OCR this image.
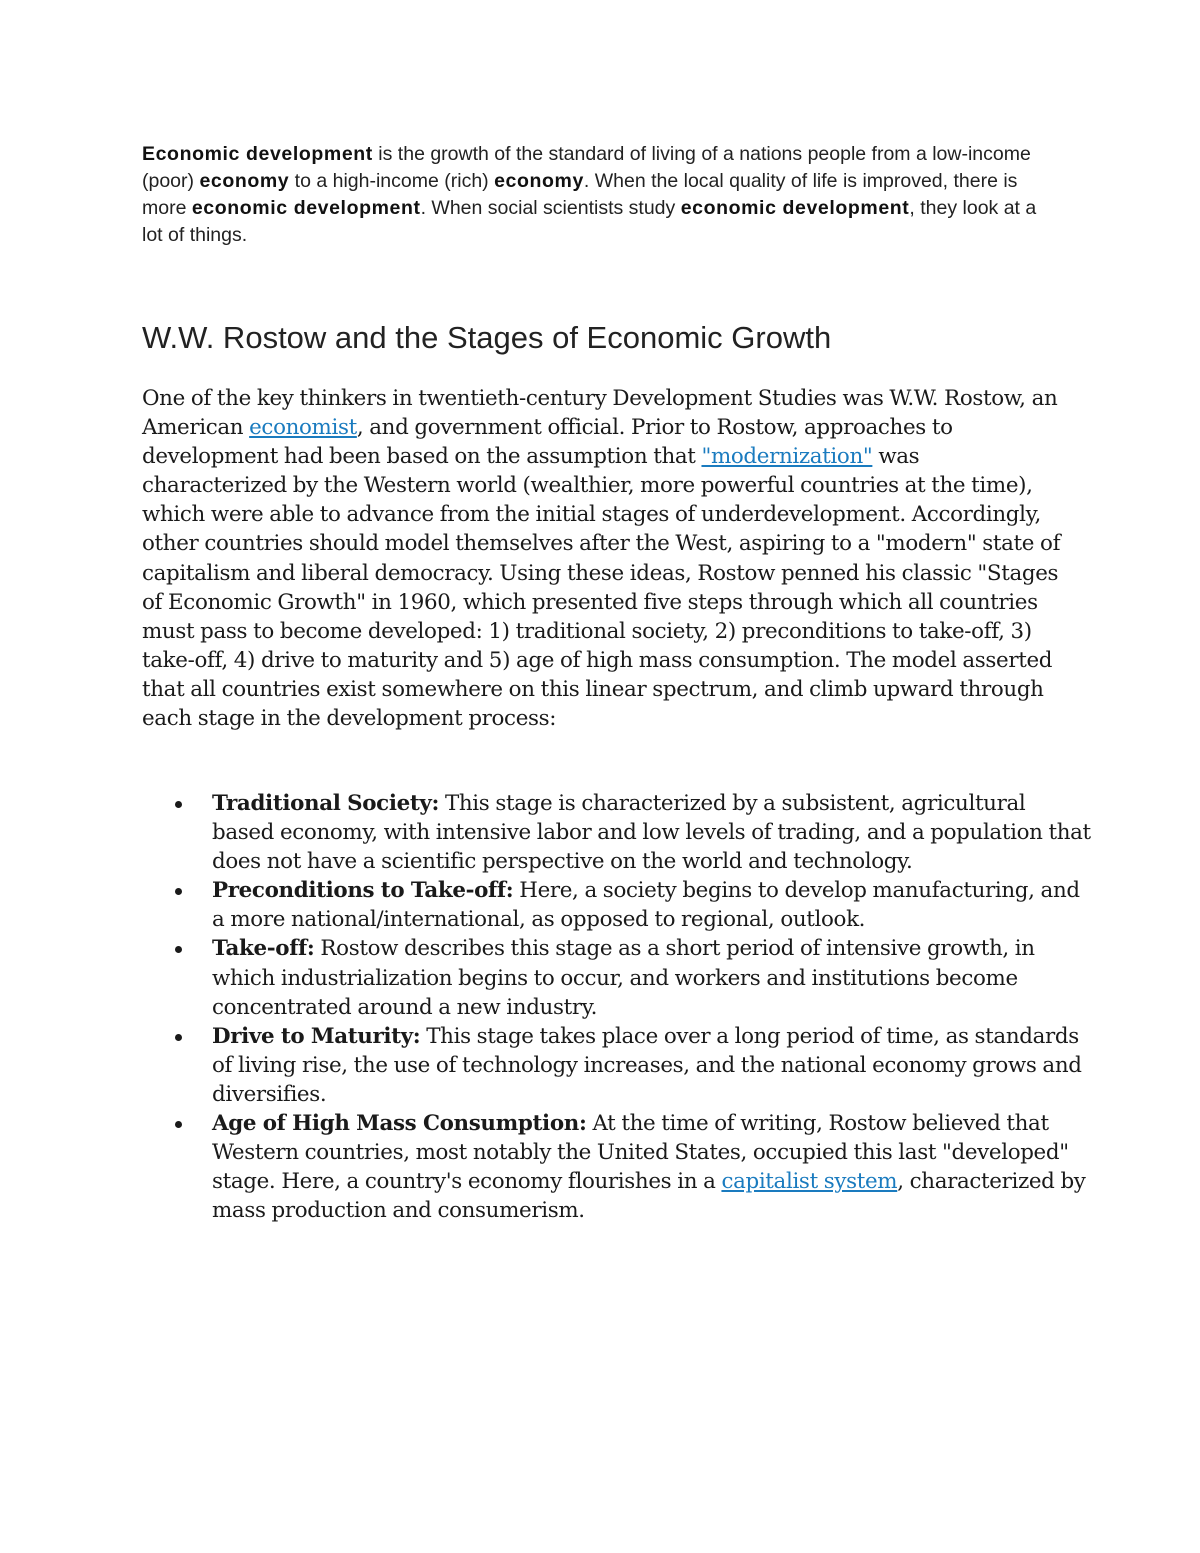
Economic development is the growth of the standard of living of a nations people from a low-income (poor) economy to a high-income (rich) economy. When the local quality of life is improved, there is more economic development. When social scientists study economic development, they look at a lot of things.

W.W. Rostow and the Stages of Economic Growth

One of the key thinkers in twentieth-century Development Studies was W.W. Rostow, an American economist, and government official. Prior to Rostow, approaches to development had been based on the assumption that "modernization" was characterized by the Western world (wealthier, more powerful countries at the time), which were able to advance from the initial stages of underdevelopment. Accordingly, other countries should model themselves after the West, aspiring to a "modern" state of capitalism and liberal democracy. Using these ideas, Rostow penned his classic "Stages of Economic Growth" in 1960, which presented five steps through which all countries must pass to become developed: 1) traditional society, 2) preconditions to take-off, 3) take-off, 4) drive to maturity and 5) age of high mass consumption. The model asserted that all countries exist somewhere on this linear spectrum, and climb upward through each stage in the development process:

Traditional Society: This stage is characterized by a subsistent, agricultural based economy, with intensive labor and low levels of trading, and a population that does not have a scientific perspective on the world and technology.
Preconditions to Take-off: Here, a society begins to develop manufacturing, and a more national/international, as opposed to regional, outlook.
Take-off: Rostow describes this stage as a short period of intensive growth, in which industrialization begins to occur, and workers and institutions become concentrated around a new industry.
Drive to Maturity: This stage takes place over a long period of time, as standards of living rise, the use of technology increases, and the national economy grows and diversifies.
Age of High Mass Consumption: At the time of writing, Rostow believed that Western countries, most notably the United States, occupied this last "developed" stage. Here, a country's economy flourishes in a capitalist system, characterized by mass production and consumerism.
